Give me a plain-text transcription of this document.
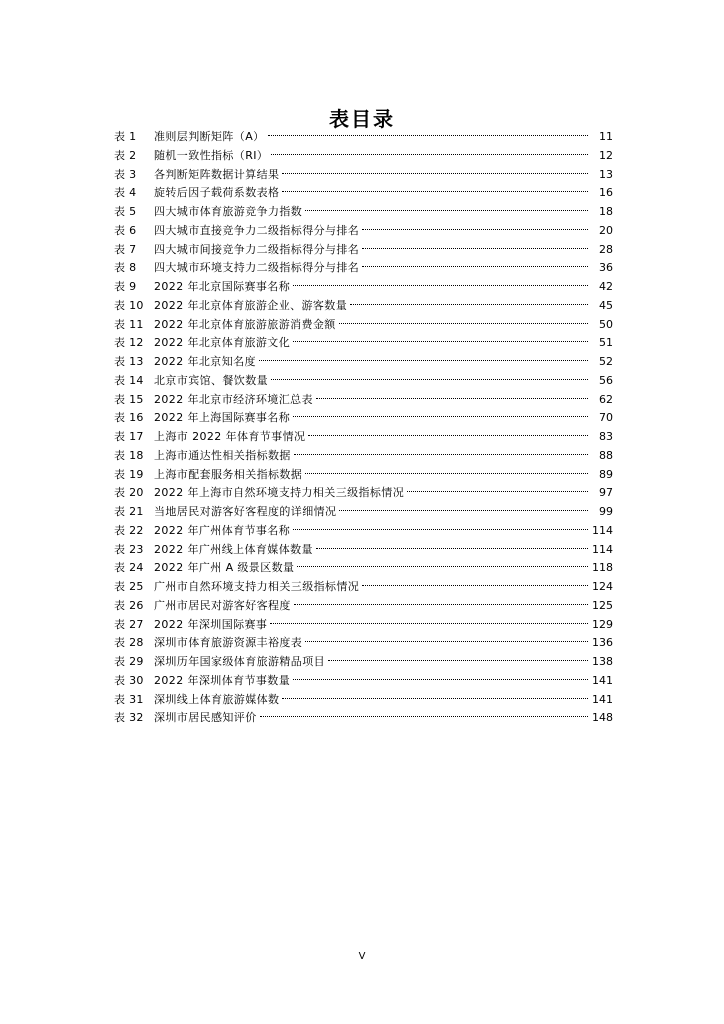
表目录
表 1	准则层判断矩阵（A）	11
表 2	随机一致性指标（RI）	12
表 3	各判断矩阵数据计算结果	13
表 4	旋转后因子载荷系数表格	16
表 5	四大城市体育旅游竞争力指数	18
表 6	四大城市直接竞争力二级指标得分与排名	20
表 7	四大城市间接竞争力二级指标得分与排名	28
表 8	四大城市环境支持力二级指标得分与排名	36
表 9	2022 年北京国际赛事名称	42
表 10 2022 年北京体育旅游企业、游客数量	45
表 11 2022 年北京体育旅游旅游消费金额	50
表 12 2022 年北京体育旅游文化	51
表 13 2022 年北京知名度	52
表 14 北京市宾馆、餐饮数量	56
表 15 2022 年北京市经济环境汇总表	62
表 16 2022 年上海国际赛事名称	70
表 17 上海市 2022 年体育节事情况	83
表 18 上海市通达性相关指标数据	88
表 19 上海市配套服务相关指标数据	89
表 20 2022 年上海市自然环境支持力相关三级指标情况	97
表 21 当地居民对游客好客程度的详细情况	99
表 22 2022 年广州体育节事名称	114
表 23 2022 年广州线上体育媒体数量	114
表 24 2022 年广州 A 级景区数量	118
表 25 广州市自然环境支持力相关三级指标情况	124
表 26 广州市居民对游客好客程度	125
表 27 2022 年深圳国际赛事	129
表 28 深圳市体育旅游资源丰裕度表	136
表 29 深圳历年国家级体育旅游精品项目	138
表 30 2022 年深圳体育节事数量	141
表 31 深圳线上体育旅游媒体数	141
表 32 深圳市居民感知评价	148
V
